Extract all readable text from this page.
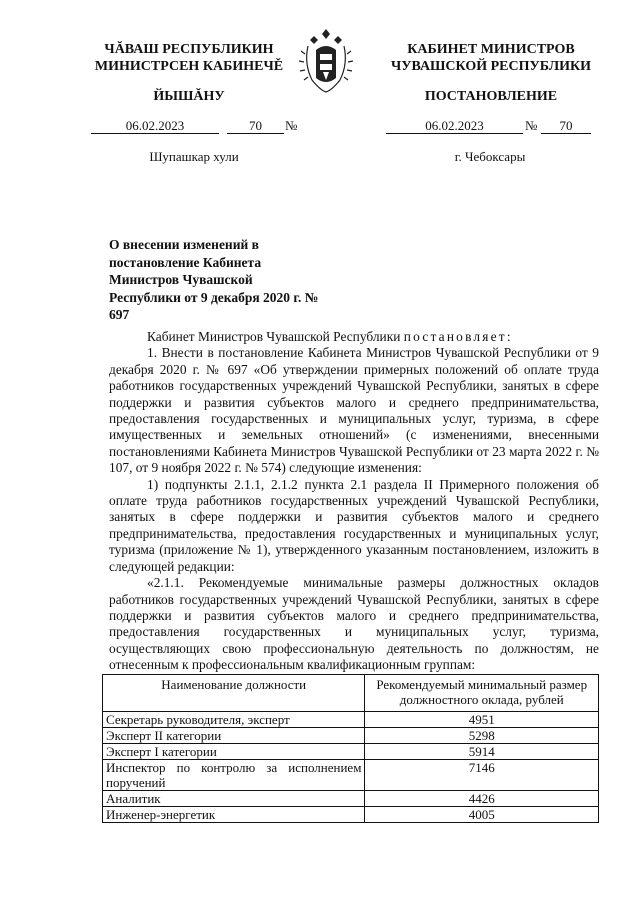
ЧĂВАШ РЕСПУБЛИКИН
МИНИСТРСЕН КАБИНЕЧĚ
ЙЫШĂНУ
КАБИНЕТ МИНИСТРОВ
ЧУВАШСКОЙ РЕСПУБЛИКИ
ПОСТАНОВЛЕНИЕ
06.02.2023	70	№	06.02.2023	№	70
Шупашкар хули	г. Чебоксары
О внесении изменений в постановление Кабинета Министров Чувашской Республики от 9 декабря 2020 г. № 697

Кабинет Министров Чувашской Республики постановляет:

1. Внести в постановление Кабинета Министров Чувашской Республики от 9 декабря 2020 г. № 697 «Об утверждении примерных положений об оплате труда работников государственных учреждений Чувашской Республики, занятых в сфере поддержки и развития субъектов малого и среднего предпринимательства, предоставления государственных и муниципальных услуг, туризма, в сфере имущественных и земельных отношений» (с изменениями, внесенными постановлениями Кабинета Министров Чувашской Республики от 23 марта 2022 г. № 107, от 9 ноября 2022 г. № 574) следующие изменения:

1) подпункты 2.1.1, 2.1.2 пункта 2.1 раздела II Примерного положения об оплате труда работников государственных учреждений Чувашской Республики, занятых в сфере поддержки и развития субъектов малого и среднего предпринимательства, предоставления государственных и муниципальных услуг, туризма (приложение № 1), утвержденного указанным постановлением, изложить в следующей редакции:

«2.1.1. Рекомендуемые минимальные размеры должностных окладов работников государственных учреждений Чувашской Республики, занятых в сфере поддержки и развития субъектов малого и среднего предпринимательства, предоставления государственных и муниципальных услуг, туризма, осуществляющих свою профессиональную деятельность по должностям, не отнесенным к профессиональным квалификационным группам:

Наименование должности	Рекомендуемый минимальный размер должностного оклада, рублей
Секретарь руководителя, эксперт	4951
Эксперт II категории	5298
Эксперт I категории	5914
Инспектор по контролю за исполнением поручений	7146
Аналитик	4426
Инженер-энергетик	4005
